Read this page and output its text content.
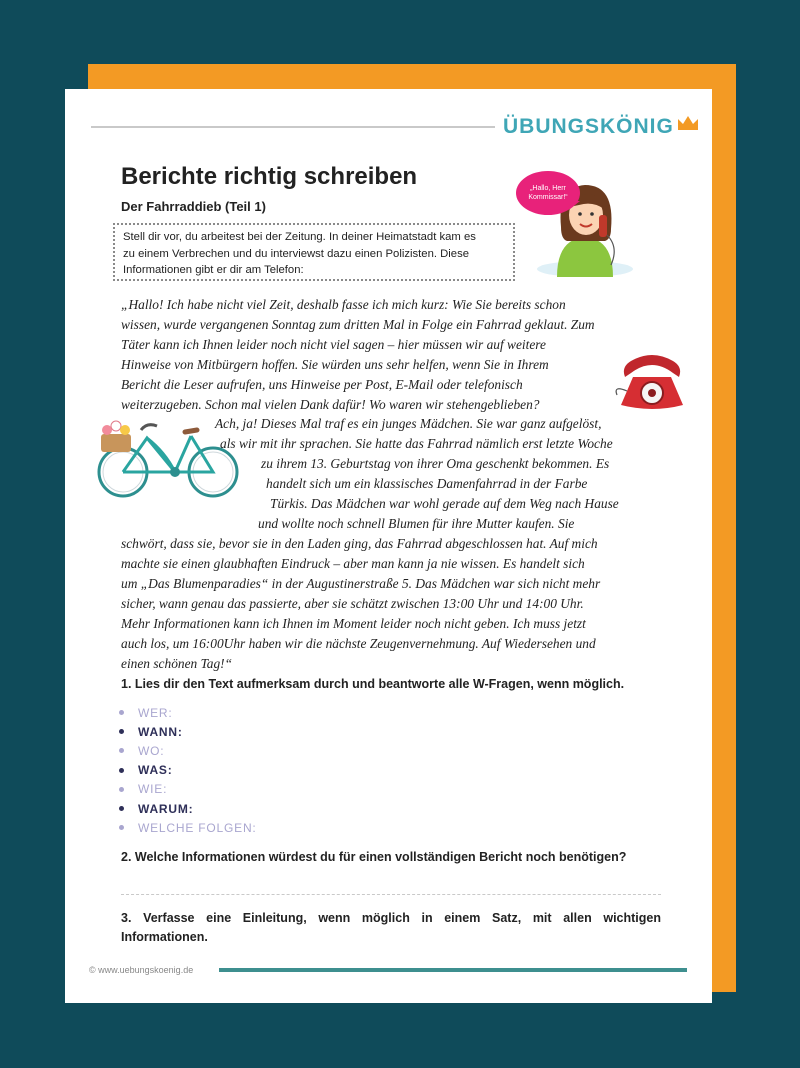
ÜBUNGSKÖNIG
Berichte richtig schreiben
Der Fahrraddieb (Teil 1)
Stell dir vor, du arbeitest bei der Zeitung. In deiner Heimatstadt kam es
zu einem Verbrechen und du interviewst dazu einen Polizisten. Diese
Informationen gibt er dir am Telefon:
„Hallo, Herr Kommissar!“
„Hallo! Ich habe nicht viel Zeit, deshalb fasse ich mich kurz: Wie Sie bereits schon
wissen, wurde vergangenen Sonntag zum dritten Mal in Folge ein Fahrrad geklaut. Zum
Täter kann ich Ihnen leider noch nicht viel sagen – hier müssen wir auf weitere
Hinweise von Mitbürgern hoffen. Sie würden uns sehr helfen, wenn Sie in Ihrem
Bericht die Leser aufrufen, uns Hinweise per Post, E-Mail oder telefonisch
weiterzugeben. Schon mal vielen Dank dafür! Wo waren wir stehengeblieben?
Ach, ja! Dieses Mal traf es ein junges Mädchen. Sie war ganz aufgelöst,
als wir mit ihr sprachen. Sie hatte das Fahrrad nämlich erst letzte Woche
zu ihrem 13. Geburtstag von ihrer Oma geschenkt bekommen. Es
handelt sich um ein klassisches Damenfahrrad in der Farbe
Türkis. Das Mädchen war wohl gerade auf dem Weg nach Hause
und wollte noch schnell Blumen für ihre Mutter kaufen. Sie
schwört, dass sie, bevor sie in den Laden ging, das Fahrrad abgeschlossen hat. Auf mich
machte sie einen glaubhaften Eindruck – aber man kann ja nie wissen. Es handelt sich
um „Das Blumenparadies“ in der Augustinerstraße 5. Das Mädchen war sich nicht mehr
sicher, wann genau das passierte, aber sie schätzt zwischen 13:00 Uhr und 14:00 Uhr.
Mehr Informationen kann ich Ihnen im Moment leider noch nicht geben. Ich muss jetzt
auch los, um 16:00Uhr haben wir die nächste Zeugenvernehmung. Auf Wiedersehen und
einen schönen Tag!“
1. Lies dir den Text aufmerksam durch und beantworte alle W-Fragen, wenn möglich.
WER:
WANN:
WO:
WAS:
WIE:
WARUM:
WELCHE FOLGEN:
2. Welche Informationen würdest du für einen vollständigen Bericht noch benötigen?
3. Verfasse eine Einleitung, wenn möglich in einem Satz, mit allen wichtigen Informationen.
© www.uebungskoenig.de
